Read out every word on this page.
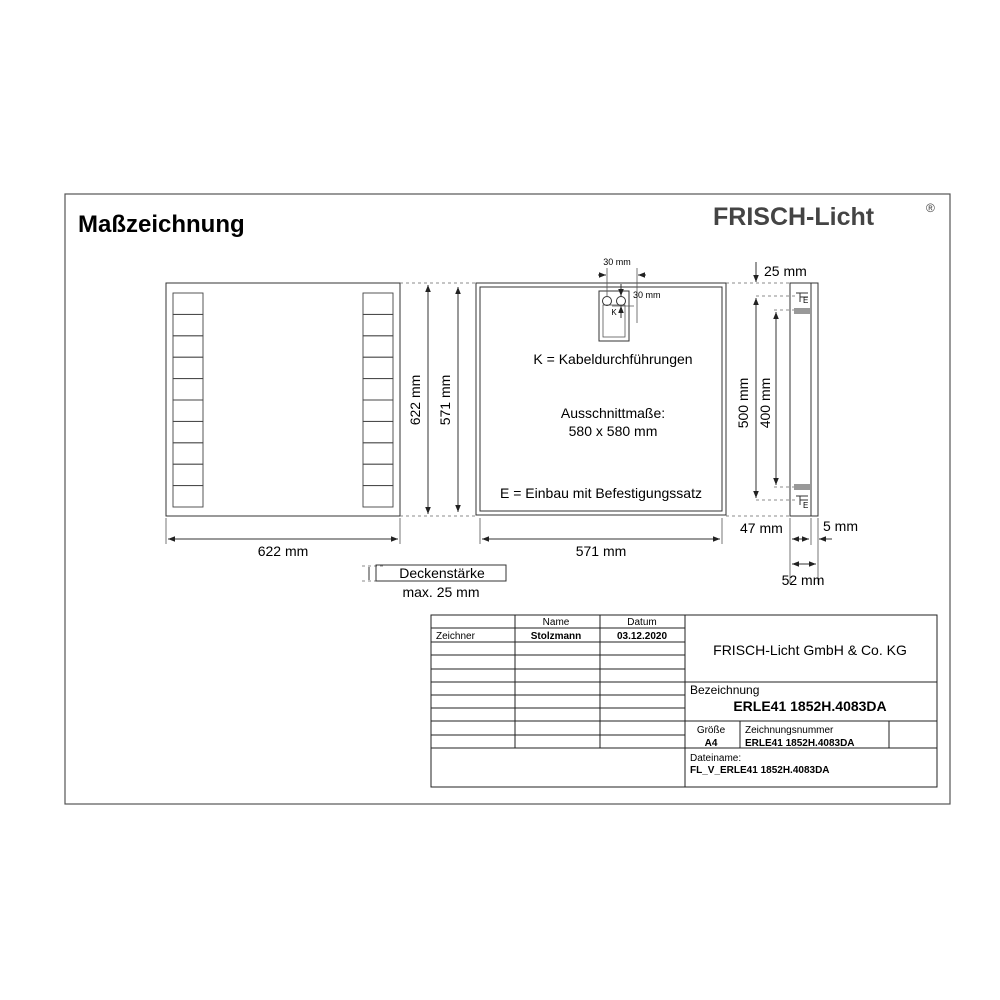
Maßzeichnung	FRISCH-Licht	®
622 mm
622 mm 571 mm
K
30 mm
30 mm
K = Kabeldurchführungen
Ausschnittmaße:
580 x 580 mm
E = Einbau mit Befestigungssatz
571 mm
E
E
25 mm
500 mm 400 mm
47 mm	5 mm
52 mm
Deckenstärke
max. 25 mm
Name	Datum
Zeichner	Stolzmann	03.12.2020
FRISCH-Licht GmbH & Co. KG
Bezeichnung
ERLE41 1852H.4083DA
Größe
A4
Zeichnungsnummer
ERLE41 1852H.4083DA
Dateiname:
FL_V_ERLE41 1852H.4083DA
